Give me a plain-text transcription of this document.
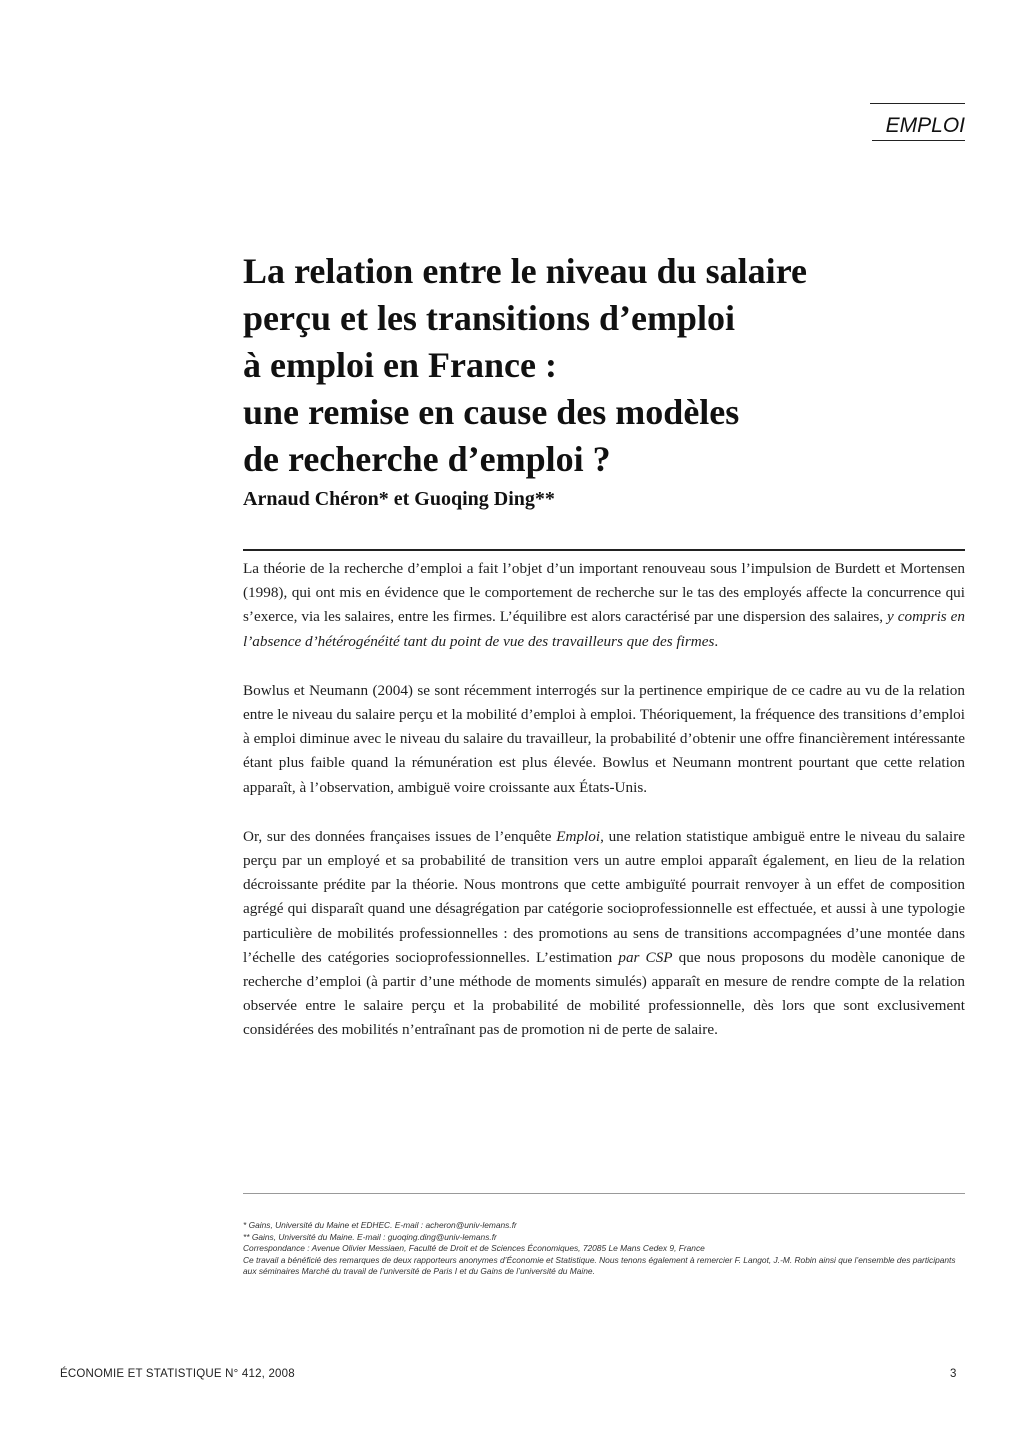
EMPLOI
La relation entre le niveau du salaire
perçu et les transitions d’emploi
à emploi en France :
une remise en cause des modèles
de recherche d’emploi ?
Arnaud Chéron* et Guoqing Ding**

La théorie de la recherche d’emploi a fait l’objet d’un important renouveau sous l’impulsion de Burdett et Mortensen (1998), qui ont mis en évidence que le comportement de recherche sur le tas des employés affecte la concurrence qui s’exerce, via les salaires, entre les firmes. L’équilibre est alors caractérisé par une dispersion des salaires, y compris en l’absence d’hétérogénéité tant du point de vue des travailleurs que des firmes.

Bowlus et Neumann (2004) se sont récemment interrogés sur la pertinence empirique de ce cadre au vu de la relation entre le niveau du salaire perçu et la mobilité d’emploi à emploi. Théoriquement, la fréquence des transitions d’emploi à emploi diminue avec le niveau du salaire du travailleur, la probabilité d’obtenir une offre financièrement intéressante étant plus faible quand la rémunération est plus élevée. Bowlus et Neumann montrent pourtant que cette relation apparaît, à l’observation, ambiguë voire croissante aux États-Unis.

Or, sur des données françaises issues de l’enquête Emploi, une relation statistique ambiguë entre le niveau du salaire perçu par un employé et sa probabilité de transition vers un autre emploi apparaît également, en lieu de la relation décroissante prédite par la théorie. Nous montrons que cette ambiguïté pourrait renvoyer à un effet de composition agrégé qui disparaît quand une désagrégation par catégorie socioprofessionnelle est effectuée, et aussi à une typologie particulière de mobilités professionnelles : des promotions au sens de transitions accompagnées d’une montée dans l’échelle des catégories socioprofessionnelles. L’estimation par CSP que nous proposons du modèle canonique de recherche d’emploi (à partir d’une méthode de moments simulés) apparaît en mesure de rendre compte de la relation observée entre le salaire perçu et la probabilité de mobilité professionnelle, dès lors que sont exclusivement considérées des mobilités n’entraînant pas de promotion ni de perte de salaire.

* Gains, Université du Maine et EDHEC. E-mail : acheron@univ-lemans.fr
** Gains, Université du Maine. E-mail : guoqing.ding@univ-lemans.fr
Correspondance : Avenue Olivier Messiaen, Faculté de Droit et de Sciences Économiques, 72085 Le Mans Cedex 9, France
Ce travail a bénéficié des remarques de deux rapporteurs anonymes d’Économie et Statistique. Nous tenons également à remercier F. Langot, J.-M. Robin ainsi que l’ensemble des participants aux séminaires Marché du travail de l’université de Paris I et du Gains de l’université du Maine.
ÉCONOMIE ET STATISTIQUE N° 412, 2008	3
